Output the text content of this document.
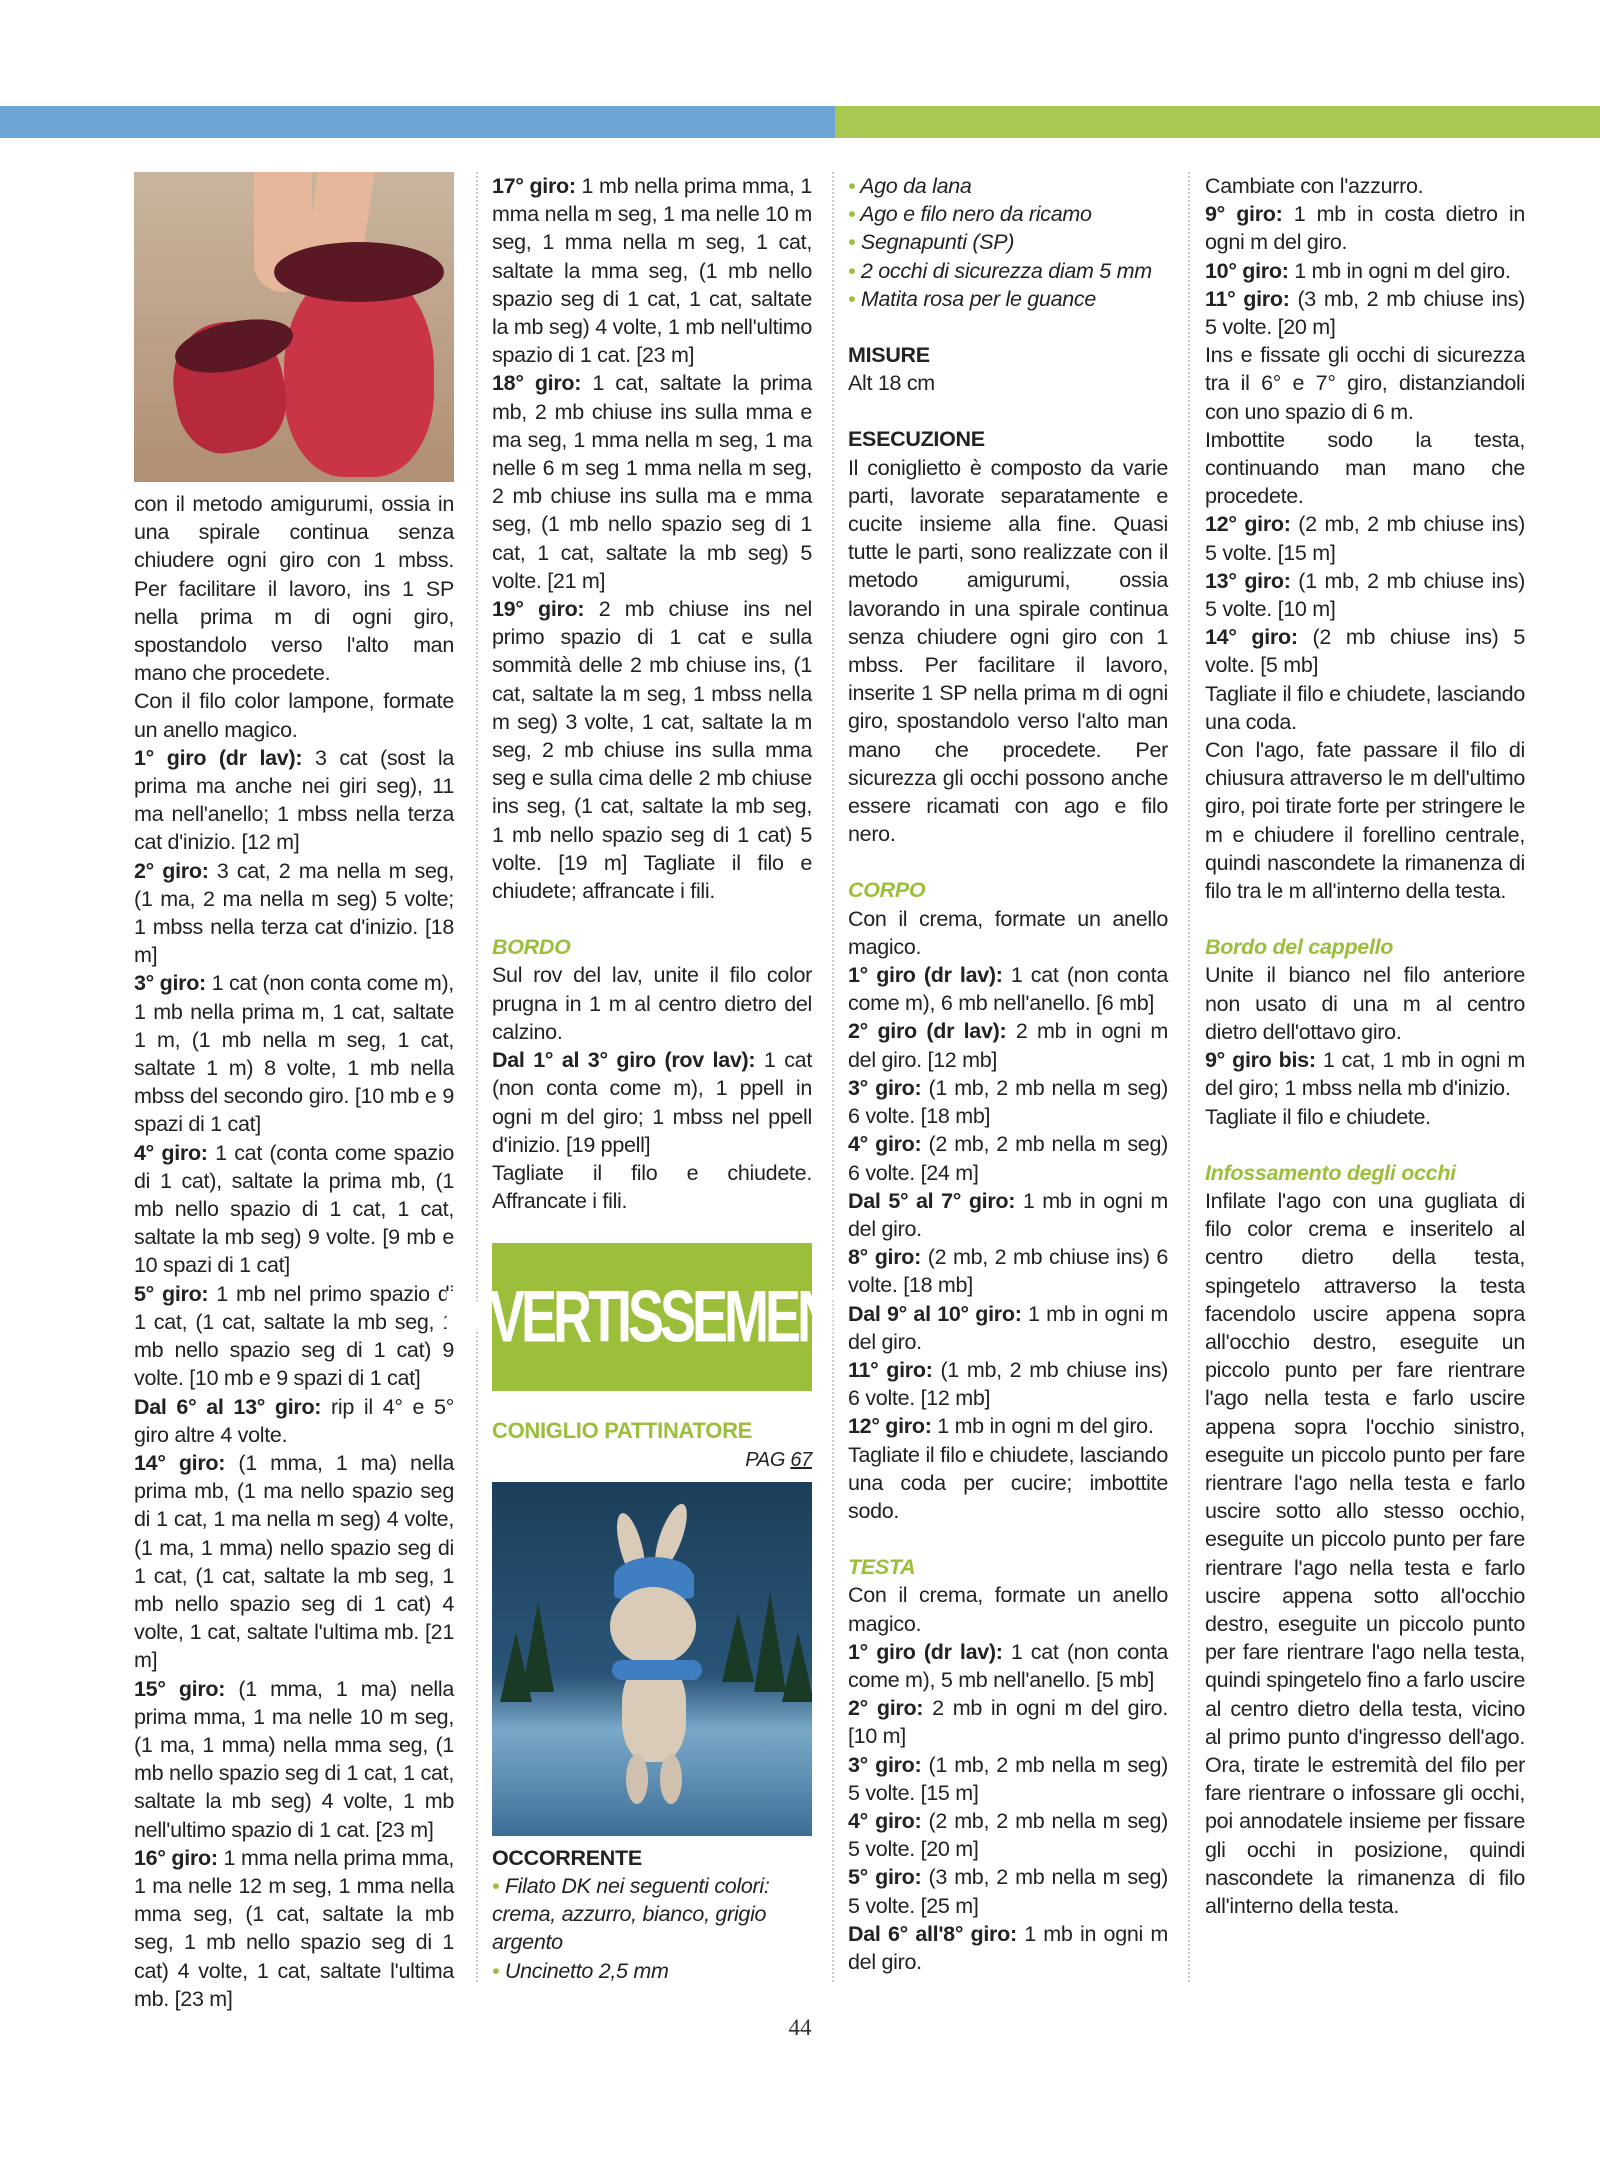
con il metodo amigurumi, ossia in una spirale continua senza chiudere ogni giro con 1 mbss. Per facilitare il lavoro, ins 1 SP nella prima m di ogni giro, spostandolo verso l'alto man mano che procedete.

Con il filo color lampone, formate un anello magico.

1° giro (dr lav): 3 cat (sost la prima ma anche nei giri seg), 11 ma nell'anello; 1 mbss nella terza cat d'inizio. [12 m]

2° giro: 3 cat, 2 ma nella m seg, (1 ma, 2 ma nella m seg) 5 volte; 1 mbss nella terza cat d'inizio. [18 m]

3° giro: 1 cat (non conta come m), 1 mb nella prima m, 1 cat, saltate 1 m, (1 mb nella m seg, 1 cat, saltate 1 m) 8 volte, 1 mb nella mbss del secondo giro. [10 mb e 9 spazi di 1 cat]

4° giro: 1 cat (conta come spazio di 1 cat), saltate la prima mb, (1 mb nello spazio di 1 cat, 1 cat, saltate la mb seg) 9 volte. [9 mb e 10 spazi di 1 cat]

5° giro: 1 mb nel primo spazio di 1 cat, (1 cat, saltate la mb seg, 1 mb nello spazio seg di 1 cat) 9 volte. [10 mb e 9 spazi di 1 cat]

Dal 6° al 13° giro: rip il 4° e 5° giro altre 4 volte.

14° giro: (1 mma, 1 ma) nella prima mb, (1 ma nello spazio seg di 1 cat, 1 ma nella m seg) 4 volte, (1 ma, 1 mma) nello spazio seg di 1 cat, (1 cat, saltate la mb seg, 1 mb nello spazio seg di 1 cat) 4 volte, 1 cat, saltate l'ultima mb. [21 m]

15° giro: (1 mma, 1 ma) nella prima mma, 1 ma nelle 10 m seg, (1 ma, 1 mma) nella mma seg, (1 mb nello spazio seg di 1 cat, 1 cat, saltate la mb seg) 4 volte, 1 mb nell'ultimo spazio di 1 cat. [23 m]

16° giro: 1 mma nella prima mma, 1 ma nelle 12 m seg, 1 mma nella mma seg, (1 cat, saltate la mb seg, 1 mb nello spazio seg di 1 cat) 4 volte, 1 cat, saltate l'ultima mb. [23 m]

17° giro: 1 mb nella prima mma, 1 mma nella m seg, 1 ma nelle 10 m seg, 1 mma nella m seg, 1 cat, saltate la mma seg, (1 mb nello spazio seg di 1 cat, 1 cat, saltate la mb seg) 4 volte, 1 mb nell'ultimo spazio di 1 cat. [23 m]

18° giro: 1 cat, saltate la prima mb, 2 mb chiuse ins sulla mma e ma seg, 1 mma nella m seg, 1 ma nelle 6 m seg 1 mma nella m seg, 2 mb chiuse ins sulla ma e mma seg, (1 mb nello spazio seg di 1 cat, 1 cat, saltate la mb seg) 5 volte. [21 m]

19° giro: 2 mb chiuse ins nel primo spazio di 1 cat e sulla sommità delle 2 mb chiuse ins, (1 cat, saltate la m seg, 1 mbss nella m seg) 3 volte, 1 cat, saltate la m seg, 2 mb chiuse ins sulla mma seg e sulla cima delle 2 mb chiuse ins seg, (1 cat, saltate la mb seg, 1 mb nello spazio seg di 1 cat) 5 volte. [19 m] Tagliate il filo e chiudete; affrancate i fili.

BORDO

Sul rov del lav, unite il filo color prugna in 1 m al centro dietro del calzino.

Dal 1° al 3° giro (rov lav): 1 cat (non conta come m), 1 ppell in ogni m del giro; 1 mbss nel ppell d'inizio. [19 ppell]

Tagliate il filo e chiudete. Affrancate i fili.

DIVERTISSEMENT

CONIGLIO PATTINATORE

PAG 67

OCCORRENTE

• Filato DK nei seguenti colori: crema, azzurro, bianco, grigio argento

• Uncinetto 2,5 mm

• Ago da lana

• Ago e filo nero da ricamo

• Segnapunti (SP)

• 2 occhi di sicurezza diam 5 mm

• Matita rosa per le guance

MISURE

Alt 18 cm

ESECUZIONE

Il coniglietto è composto da varie parti, lavorate separatamente e cucite insieme alla fine. Quasi tutte le parti, sono realizzate con il metodo amigurumi, ossia lavorando in una spirale continua senza chiudere ogni giro con 1 mbss. Per facilitare il lavoro, inserite 1 SP nella prima m di ogni giro, spostandolo verso l'alto man mano che procedete. Per sicurezza gli occhi possono anche essere ricamati con ago e filo nero.

CORPO

Con il crema, formate un anello magico.

1° giro (dr lav): 1 cat (non conta come m), 6 mb nell'anello. [6 mb]

2° giro (dr lav): 2 mb in ogni m del giro. [12 mb]

3° giro: (1 mb, 2 mb nella m seg) 6 volte. [18 mb]

4° giro: (2 mb, 2 mb nella m seg) 6 volte. [24 m]

Dal 5° al 7° giro: 1 mb in ogni m del giro.

8° giro: (2 mb, 2 mb chiuse ins) 6 volte. [18 mb]

Dal 9° al 10° giro: 1 mb in ogni m del giro.

11° giro: (1 mb, 2 mb chiuse ins) 6 volte. [12 mb]

12° giro: 1 mb in ogni m del giro.

Tagliate il filo e chiudete, lasciando una coda per cucire; imbottite sodo.

TESTA

Con il crema, formate un anello magico.

1° giro (dr lav): 1 cat (non conta come m), 5 mb nell'anello. [5 mb]

2° giro: 2 mb in ogni m del giro. [10 m]

3° giro: (1 mb, 2 mb nella m seg) 5 volte. [15 m]

4° giro: (2 mb, 2 mb nella m seg) 5 volte. [20 m]

5° giro: (3 mb, 2 mb nella m seg) 5 volte. [25 m]

Dal 6° all'8° giro: 1 mb in ogni m del giro.

Cambiate con l'azzurro.

9° giro: 1 mb in costa dietro in ogni m del giro.

10° giro: 1 mb in ogni m del giro.

11° giro: (3 mb, 2 mb chiuse ins) 5 volte. [20 m]

Ins e fissate gli occhi di sicurezza tra il 6° e 7° giro, distanziandoli con uno spazio di 6 m.

Imbottite sodo la testa, continuando man mano che procedete.

12° giro: (2 mb, 2 mb chiuse ins) 5 volte. [15 m]

13° giro: (1 mb, 2 mb chiuse ins) 5 volte. [10 m]

14° giro: (2 mb chiuse ins) 5 volte. [5 mb]

Tagliate il filo e chiudete, lasciando una coda.

Con l'ago, fate passare il filo di chiusura attraverso le m dell'ultimo giro, poi tirate forte per stringere le m e chiudere il forellino centrale, quindi nascondete la rimanenza di filo tra le m all'interno della testa.

Bordo del cappello

Unite il bianco nel filo anteriore non usato di una m al centro dietro dell'ottavo giro.

9° giro bis: 1 cat, 1 mb in ogni m del giro; 1 mbss nella mb d'inizio.

Tagliate il filo e chiudete.

Infossamento degli occhi

Infilate l'ago con una gugliata di filo color crema e inseritelo al centro dietro della testa, spingetelo attraverso la testa facendolo uscire appena sopra all'occhio destro, eseguite un piccolo punto per fare rientrare l'ago nella testa e farlo uscire appena sopra l'occhio sinistro, eseguite un piccolo punto per fare rientrare l'ago nella testa e farlo uscire sotto allo stesso occhio, eseguite un piccolo punto per fare rientrare l'ago nella testa e farlo uscire appena sotto all'occhio destro, eseguite un piccolo punto per fare rientrare l'ago nella testa, quindi spingetelo fino a farlo uscire al centro dietro della testa, vicino al primo punto d'ingresso dell'ago. Ora, tirate le estremità del filo per fare rientrare o infossare gli occhi, poi annodatele insieme per fissare gli occhi in posizione, quindi nascondete la rimanenza di filo all'interno della testa.

44
